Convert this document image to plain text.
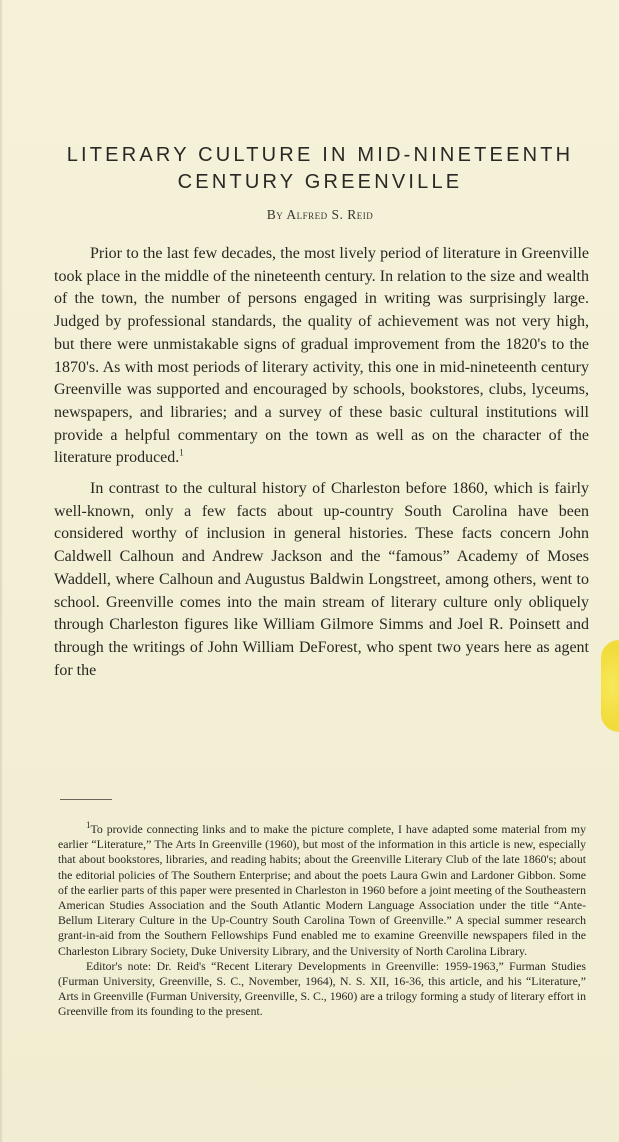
LITERARY CULTURE IN MID-NINETEENTH CENTURY GREENVILLE

By Alfred S. Reid

Prior to the last few decades, the most lively period of literature in Greenville took place in the middle of the nineteenth century. In relation to the size and wealth of the town, the number of persons engaged in writing was surprisingly large. Judged by professional standards, the quality of achievement was not very high, but there were unmistakable signs of gradual improvement from the 1820's to the 1870's. As with most periods of literary activity, this one in mid-nineteenth century Greenville was supported and encouraged by schools, bookstores, clubs, lyceums, newspapers, and libraries; and a survey of these basic cultural institutions will provide a helpful commentary on the town as well as on the character of the literature produced.$^1$

In contrast to the cultural history of Charleston before 1860, which is fairly well-known, only a few facts about up-country South Carolina have been considered worthy of inclusion in general histories. These facts concern John Caldwell Calhoun and Andrew Jackson and the “famous” Academy of Moses Waddell, where Calhoun and Augustus Baldwin Longstreet, among others, went to school. Greenville comes into the main stream of literary culture only obliquely through Charleston figures like William Gilmore Simms and Joel R. Poinsett and through the writings of John William DeForest, who spent two years here as agent for the

$^1$To provide connecting links and to make the picture complete, I have adapted some material from my earlier “Literature,” The Arts In Greenville (1960), but most of the information in this article is new, especially that about bookstores, libraries, and reading habits; about the Greenville Literary Club of the late 1860's; about the editorial policies of The Southern Enterprise; and about the poets Laura Gwin and Lardoner Gibbon. Some of the earlier parts of this paper were presented in Charleston in 1960 before a joint meeting of the Southeastern American Studies Association and the South Atlantic Modern Language Association under the title “Ante-Bellum Literary Culture in the Up-Country South Carolina Town of Greenville.” A special summer research grant-in-aid from the Southern Fellowships Fund enabled me to examine Greenville newspapers filed in the Charleston Library Society, Duke University Library, and the University of North Carolina Library.

Editor's note: Dr. Reid's “Recent Literary Developments in Greenville: 1959-1963,” Furman Studies (Furman University, Greenville, S. C., November, 1964), N. S. XII, 16-36, this article, and his “Literature,” Arts in Greenville (Furman University, Greenville, S. C., 1960) are a trilogy forming a study of literary effort in Greenville from its founding to the present.
